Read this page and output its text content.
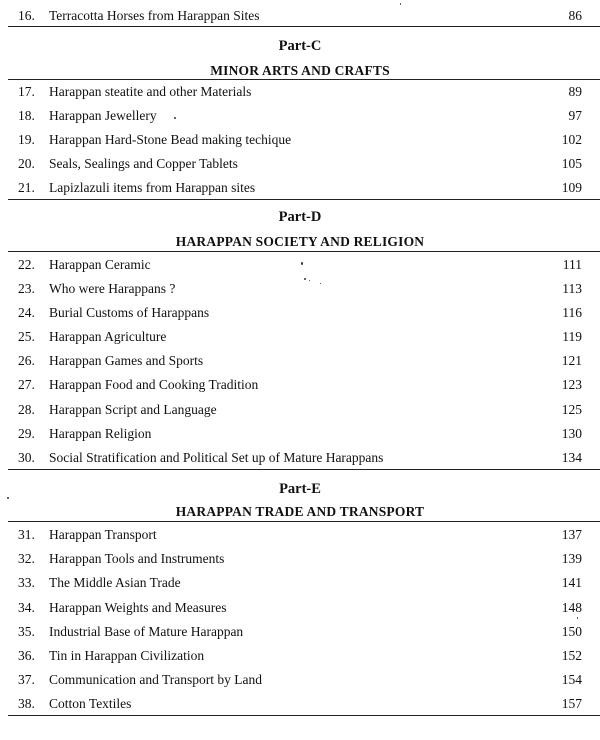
16. Terracotta Horses from Harappan Sites	86
Part-C
MINOR ARTS AND CRAFTS
17. Harappan steatite and other Materials	89
18. Harappan Jewellery	97
19. Harappan Hard-Stone Bead making techique	102
20. Seals, Sealings and Copper Tablets	105
21. Lapizlazuli items from Harappan sites	109
Part-D
HARAPPAN SOCIETY AND RELIGION
22. Harappan Ceramic	111
23. Who were Harappans ?	113
24. Burial Customs of Harappans	116
25. Harappan Agriculture	119
26. Harappan Games and Sports	121
27. Harappan Food and Cooking Tradition	123
28. Harappan Script and Language	125
29. Harappan Religion	130
30. Social Stratification and Political Set up of Mature Harappans	134
Part-E
HARAPPAN TRADE AND TRANSPORT
31. Harappan Transport	137
32. Harappan Tools and Instruments	139
33. The Middle Asian Trade	141
34. Harappan Weights and Measures	148
35. Industrial Base of Mature Harappan	150
36. Tin in Harappan Civilization	152
37. Communication and Transport by Land	154
38. Cotton Textiles	157
